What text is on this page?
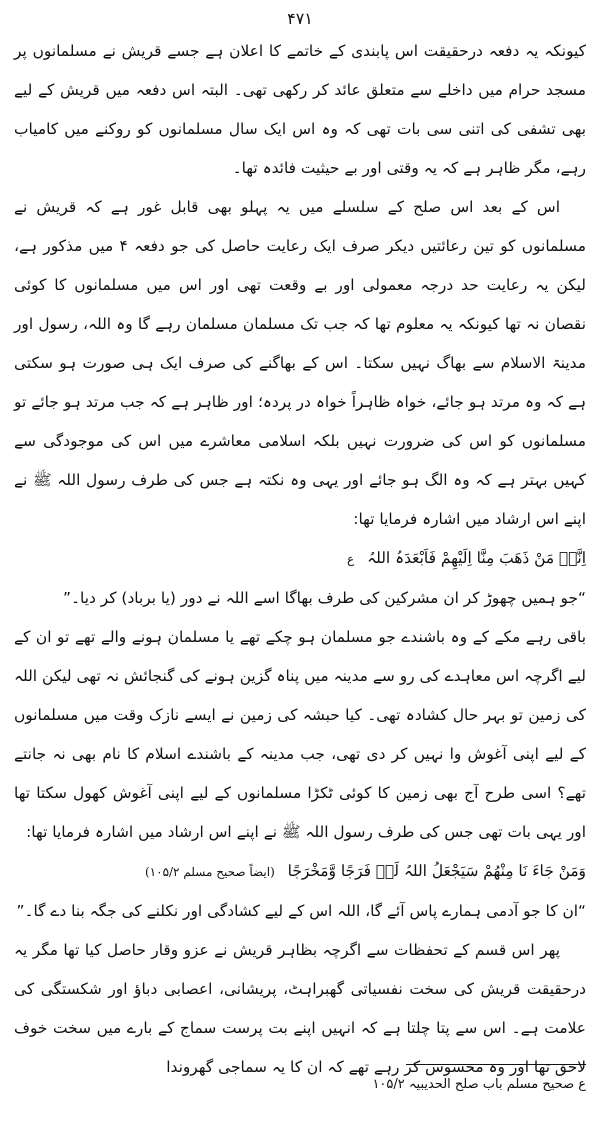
۴۷۱

کیونکہ یہ دفعہ درحقیقت اس پابندی کے خاتمے کا اعلان ہے جسے قریش نے مسلمانوں پر مسجد حرام میں داخلے سے متعلق عائد کر رکھی تھی۔ البتہ اس دفعہ میں قریش کے لیے بھی تشفی کی اتنی سی بات تھی کہ وہ اس ایک سال مسلمانوں کو روکنے میں کامیاب رہے، مگر ظاہر ہے کہ یہ وقتی اور بے حیثیت فائدہ تھا۔

اس کے بعد اس صلح کے سلسلے میں یہ پہلو بھی قابل غور ہے کہ قریش نے مسلمانوں کو تین رعائتیں دیکر صرف ایک رعایت حاصل کی جو دفعہ ۴ میں مذکور ہے، لیکن یہ رعایت حد درجہ معمولی اور بے وقعت تھی اور اس میں مسلمانوں کا کوئی نقصان نہ تھا کیونکہ یہ معلوم تھا کہ جب تک مسلمان مسلمان رہے گا وہ اللہ، رسول اور مدینۃ الاسلام سے بھاگ نہیں سکتا۔ اس کے بھاگنے کی صرف ایک ہی صورت ہو سکتی ہے کہ وہ مرتد ہو جائے، خواہ ظاہراً خواہ در پردہ؛ اور ظاہر ہے کہ جب مرتد ہو جائے تو مسلمانوں کو اس کی ضرورت نہیں بلکہ اسلامی معاشرے میں اس کی موجودگی سے کہیں بہتر ہے کہ وہ الگ ہو جائے اور یہی وہ نکتہ ہے جس کی طرف رسول اللہ ﷺ نے اپنے اس ارشاد میں اشارہ فرمایا تھا:

اِنَّہٗ مَنْ ذَھَبَ مِنَّا اِلَیْھِمْ فَاَبْعَدَہُ اللہُ ع

“جو ہمیں چھوڑ کر ان مشرکین کی طرف بھاگا اسے اللہ نے دور (یا برباد) کر دیا۔”

باقی رہے مکے کے وہ باشندے جو مسلمان ہو چکے تھے یا مسلمان ہونے والے تھے تو ان کے لیے اگرچہ اس معاہدے کی رو سے مدینہ میں پناہ گزین ہونے کی گنجائش نہ تھی لیکن اللہ کی زمین تو بہر حال کشادہ تھی۔ کیا حبشہ کی زمین نے ایسے نازک وقت میں مسلمانوں کے لیے اپنی آغوش وا نہیں کر دی تھی، جب مدینہ کے باشندے اسلام کا نام بھی نہ جانتے تھے؟ اسی طرح آج بھی زمین کا کوئی ٹکڑا مسلمانوں کے لیے اپنی آغوش کھول سکتا تھا اور یہی بات تھی جس کی طرف رسول اللہ ﷺ نے اپنے اس ارشاد میں اشارہ فرمایا تھا:

وَمَنْ جَاءَ نَا مِنْھُمْ سَیَجْعَلُ اللہُ لَہٗ فَرَجًا وَّمَخْرَجًا (ایضاً صحیح مسلم ۱۰۵/۲)

“ان کا جو آدمی ہمارے پاس آئے گا، اللہ اس کے لیے کشادگی اور نکلنے کی جگہ بنا دے گا۔”

پھر اس قسم کے تحفظات سے اگرچہ بظاہر قریش نے عزو وقار حاصل کیا تھا مگر یہ درحقیقت قریش کی سخت نفسیاتی گھبراہٹ، پریشانی، اعصابی دباؤ اور شکستگی کی علامت ہے۔ اس سے پتا چلتا ہے کہ انہیں اپنے بت پرست سماج کے بارے میں سخت خوف لاحق تھا اور وہ محسوس کر رہے تھے کہ ان کا یہ سماجی گھروندا

ع صحیح مسلم باب صلح الحدیبیہ ۱۰۵/۲
